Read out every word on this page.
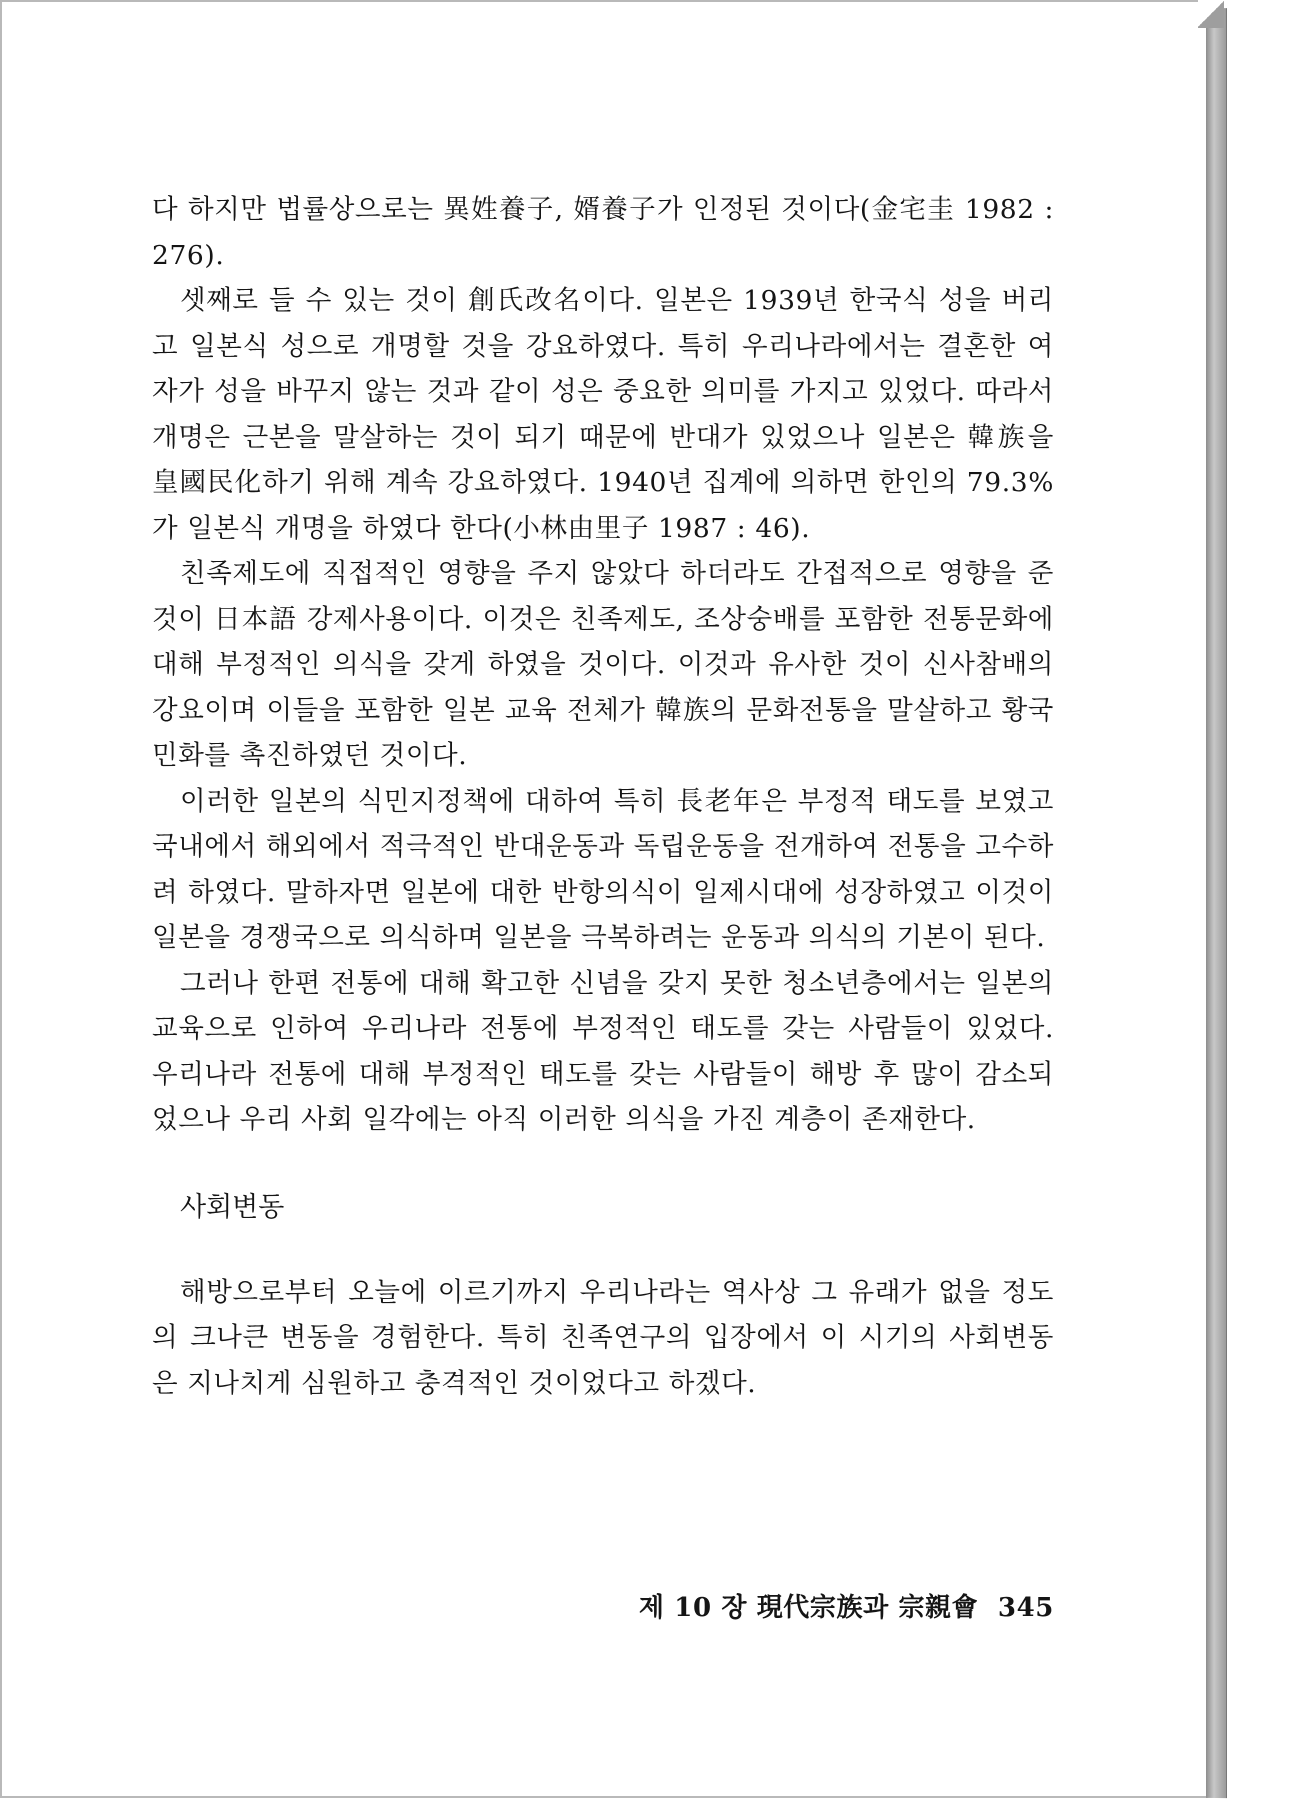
다 하지만 법률상으로는 異姓養子, 婿養子가 인정된 것이다(金宅圭 1982 : 276).

셋째로 들 수 있는 것이 創氏改名이다. 일본은 1939년 한국식 성을 버리고 일본식 성으로 개명할 것을 강요하였다. 특히 우리나라에서는 결혼한 여자가 성을 바꾸지 않는 것과 같이 성은 중요한 의미를 가지고 있었다. 따라서 개명은 근본을 말살하는 것이 되기 때문에 반대가 있었으나 일본은 韓族을 皇國民化하기 위해 계속 강요하였다. 1940년 집계에 의하면 한인의 79.3%가 일본식 개명을 하였다 한다(小林由里子 1987 : 46).

친족제도에 직접적인 영향을 주지 않았다 하더라도 간접적으로 영향을 준 것이 日本語 강제사용이다. 이것은 친족제도, 조상숭배를 포함한 전통문화에 대해 부정적인 의식을 갖게 하였을 것이다. 이것과 유사한 것이 신사참배의 강요이며 이들을 포함한 일본 교육 전체가 韓族의 문화전통을 말살하고 황국민화를 촉진하였던 것이다.

이러한 일본의 식민지정책에 대하여 특히 長老年은 부정적 태도를 보였고 국내에서 해외에서 적극적인 반대운동과 독립운동을 전개하여 전통을 고수하려 하였다. 말하자면 일본에 대한 반항의식이 일제시대에 성장하였고 이것이 일본을 경쟁국으로 의식하며 일본을 극복하려는 운동과 의식의 기본이 된다.

그러나 한편 전통에 대해 확고한 신념을 갖지 못한 청소년층에서는 일본의 교육으로 인하여 우리나라 전통에 부정적인 태도를 갖는 사람들이 있었다. 우리나라 전통에 대해 부정적인 태도를 갖는 사람들이 해방 후 많이 감소되었으나 우리 사회 일각에는 아직 이러한 의식을 가진 계층이 존재한다.

사회변동

해방으로부터 오늘에 이르기까지 우리나라는 역사상 그 유래가 없을 정도의 크나큰 변동을 경험한다. 특히 친족연구의 입장에서 이 시기의 사회변동은 지나치게 심원하고 충격적인 것이었다고 하겠다.

제 10 장 現代宗族과 宗親會 345
